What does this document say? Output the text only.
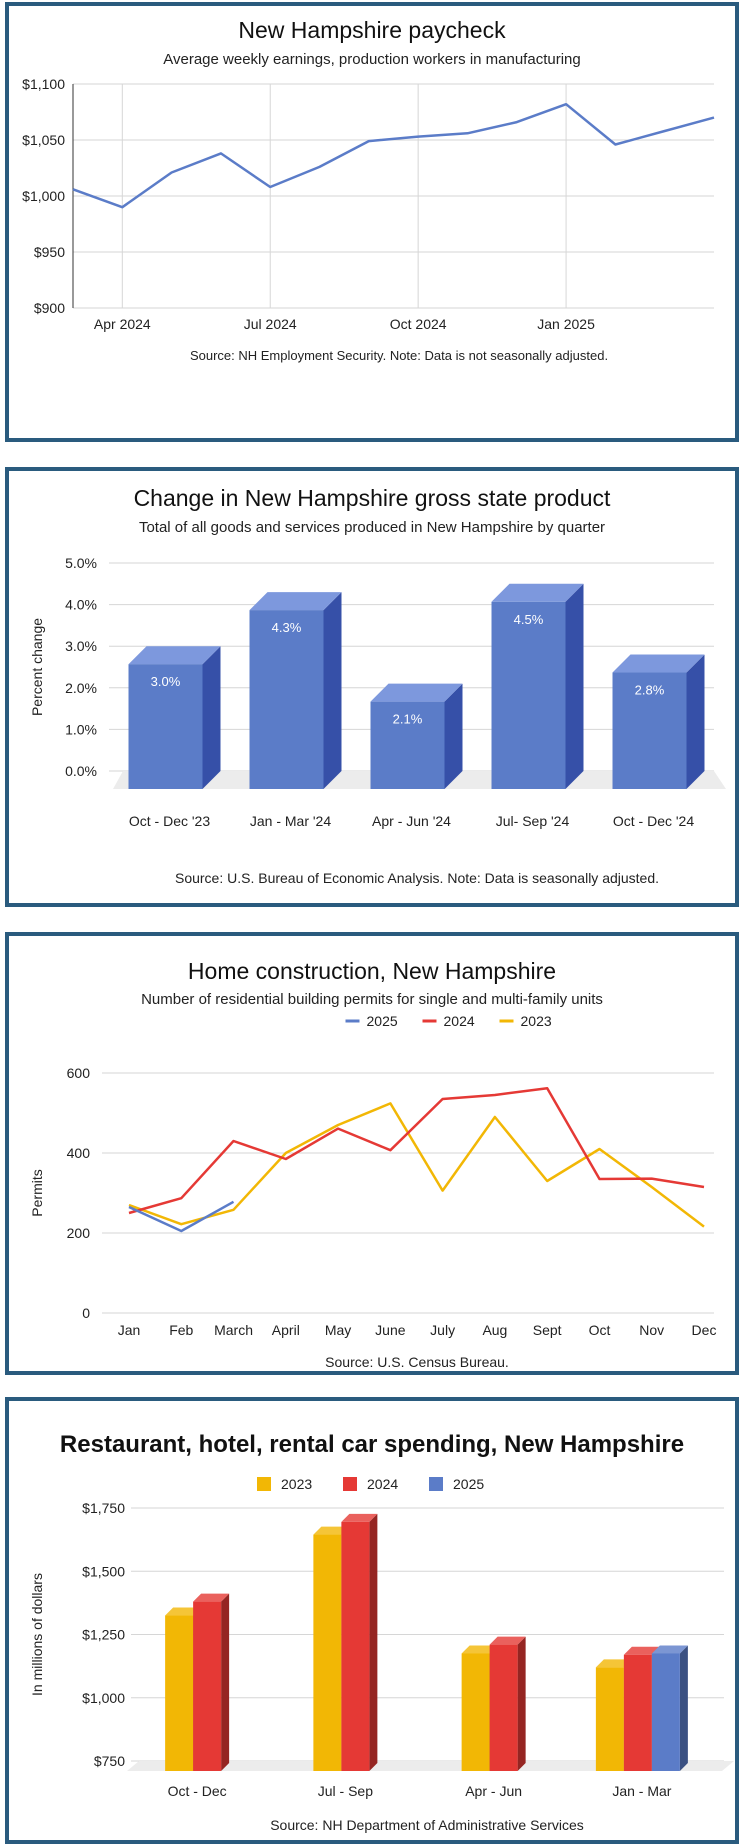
New Hampshire paycheck
Average weekly earnings, production workers in manufacturing
$900
$950
$1,000
$1,050
$1,100
Apr 2024	Jul 2024	Oct 2024	Jan 2025
Source: NH Employment Security. Note: Data is not seasonally adjusted.
Change in New Hampshire gross state product
Total of all goods and services produced in New Hampshire by quarter
0.0%
1.0%
2.0%
3.0%
4.0%
5.0%
Percent change	3.0%
Oct - Dec '23
4.3%
Jan - Mar '24
2.1%
Apr - Jun '24
4.5%
Jul- Sep '24
2.8%
Oct - Dec '24
Source: U.S. Bureau of Economic Analysis. Note: Data is seasonally adjusted.
Home construction, New Hampshire
Number of residential building permits for single and multi-family units
2025	2024	2023
0
200
400
600
Jan Feb March April May June July Aug Sept Oct Nov Dec
Permits
Source: U.S. Census Bureau.
Restaurant, hotel, rental car spending, New Hampshire
2023	2024	2025
$750
$1,000
$1,250
$1,500
$1,750
In millions of dollars
Oct - Dec	Jul - Sep	Apr - Jun	Jan - Mar
Source: NH Department of Administrative Services
